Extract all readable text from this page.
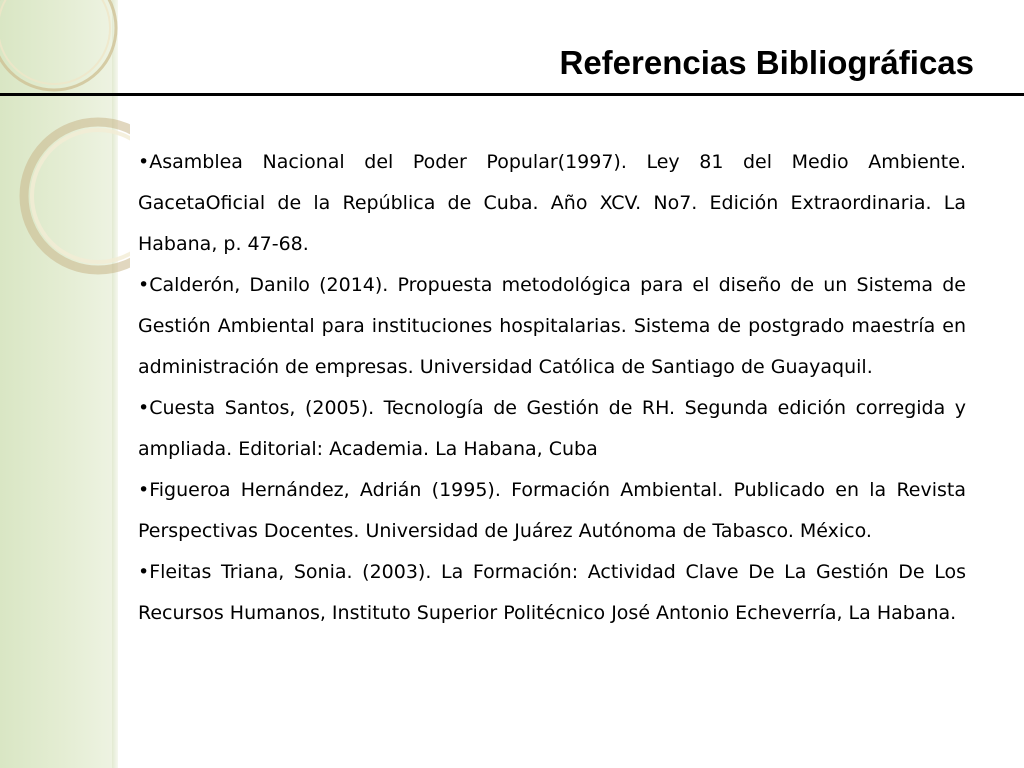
Referencias Bibliográficas

•Asamblea Nacional del Poder Popular(1997). Ley 81 del Medio Ambiente. GacetaOficial de la República de Cuba. Año XCV. No7. Edición Extraordinaria. La Habana, p. 47-68.

•Calderón, Danilo (2014). Propuesta metodológica para el diseño de un Sistema de Gestión Ambiental para instituciones hospitalarias. Sistema de postgrado maestría en administración de empresas. Universidad Católica de Santiago de Guayaquil.

•Cuesta Santos, (2005). Tecnología de Gestión de RH. Segunda edición corregida y ampliada. Editorial: Academia. La Habana, Cuba

•Figueroa Hernández, Adrián (1995). Formación Ambiental. Publicado en la Revista Perspectivas Docentes. Universidad de Juárez Autónoma de Tabasco. México.

•Fleitas Triana, Sonia. (2003). La Formación: Actividad Clave De La Gestión De Los Recursos Humanos, Instituto Superior Politécnico José Antonio Echeverría, La Habana.
